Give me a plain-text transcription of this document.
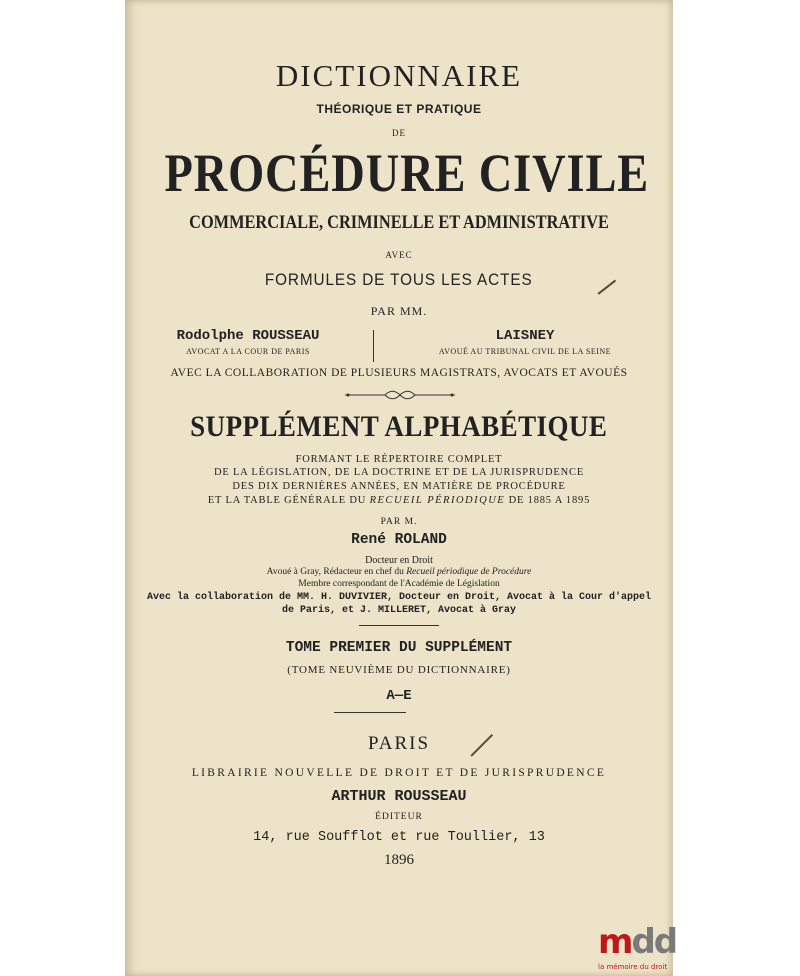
DICTIONNAIRE
THÉORIQUE ET PRATIQUE
DE
PROCÉDURE CIVILE
COMMERCIALE, CRIMINELLE ET ADMINISTRATIVE
AVEC
FORMULES DE TOUS LES ACTES
PAR MM.
Rodolphe ROUSSEAU
AVOCAT A LA COUR DE PARIS
LAISNEY
AVOUÉ AU TRIBUNAL CIVIL DE LA SEINE
AVEC LA COLLABORATION DE PLUSIEURS MAGISTRATS, AVOCATS ET AVOUÉS
SUPPLÉMENT ALPHABÉTIQUE
FORMANT LE RÉPERTOIRE COMPLET
DE LA LÉGISLATION, DE LA DOCTRINE ET DE LA JURISPRUDENCE
DES DIX DERNIÈRES ANNÉES, EN MATIÈRE DE PROCÉDURE
ET LA TABLE GÉNÉRALE DU RECUEIL PÉRIODIQUE DE 1885 A 1895
PAR M.
René ROLAND
Docteur en Droit
Avoué à Gray, Rédacteur en chef du Recueil périodique de Procédure
Membre correspondant de l'Académie de Législation
Avec la collaboration de MM. H. DUVIVIER, Docteur en Droit, Avocat à la Cour d'appel
de Paris, et J. MILLERET, Avocat à Gray
TOME PREMIER DU SUPPLÉMENT
(TOME NEUVIÈME DU DICTIONNAIRE)
A—E
PARIS
LIBRAIRIE NOUVELLE DE DROIT ET DE JURISPRUDENCE
ARTHUR ROUSSEAU
ÉDITEUR
14, rue Soufflot et rue Toullier, 13
1896
mdd
la mémoire du droit
